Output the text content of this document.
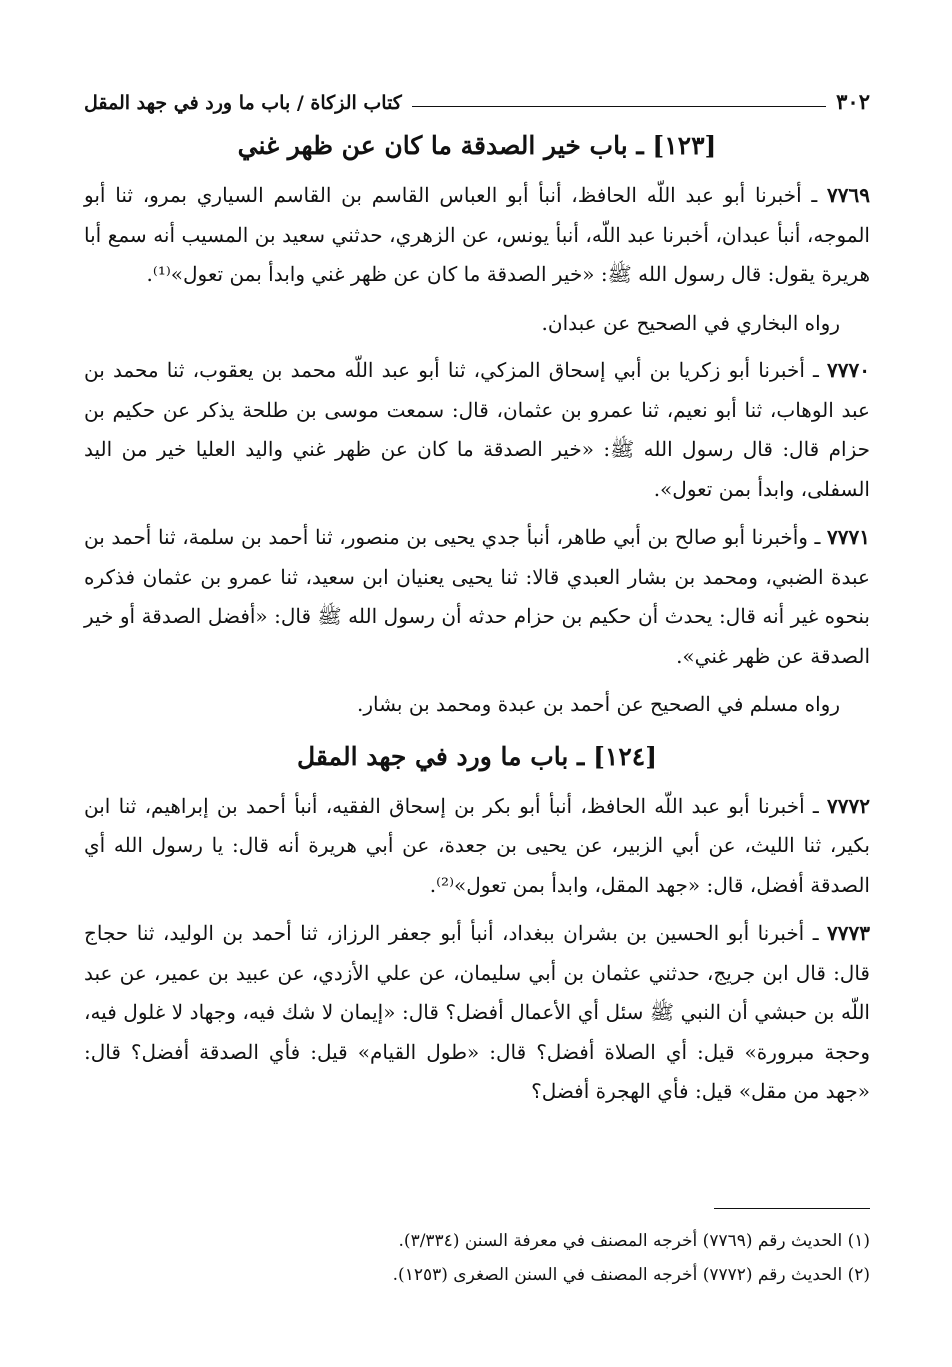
٣٠٢
كتاب الزكاة / باب ما ورد في جهد المقل
[١٢٣] ـ باب خير الصدقة ما كان عن ظهر غني

٧٧٦٩ ـ أخبرنا أبو عبد اللّه الحافظ، أنبأ أبو العباس القاسم بن القاسم السياري بمرو، ثنا أبو الموجه، أنبأ عبدان، أخبرنا عبد اللّه، أنبأ يونس، عن الزهري، حدثني سعيد بن المسيب أنه سمع أبا هريرة يقول: قال رسول الله ﷺ: «خير الصدقة ما كان عن ظهر غني وابدأ بمن تعول»⁽¹⁾.

رواه البخاري في الصحيح عن عبدان.

٧٧٧٠ ـ أخبرنا أبو زكريا بن أبي إسحاق المزكي، ثنا أبو عبد اللّه محمد بن يعقوب، ثنا محمد بن عبد الوهاب، ثنا أبو نعيم، ثنا عمرو بن عثمان، قال: سمعت موسى بن طلحة يذكر عن حكيم بن حزام قال: قال رسول الله ﷺ: «خير الصدقة ما كان عن ظهر غني واليد العليا خير من اليد السفلى، وابدأ بمن تعول».

٧٧٧١ ـ وأخبرنا أبو صالح بن أبي طاهر، أنبأ جدي يحيى بن منصور، ثنا أحمد بن سلمة، ثنا أحمد بن عبدة الضبي، ومحمد بن بشار العبدي قالا: ثنا يحيى يعنيان ابن سعيد، ثنا عمرو بن عثمان فذكره بنحوه غير أنه قال: يحدث أن حكيم بن حزام حدثه أن رسول الله ﷺ قال: «أفضل الصدقة أو خير الصدقة عن ظهر غني».

رواه مسلم في الصحيح عن أحمد بن عبدة ومحمد بن بشار.

[١٢٤] ـ باب ما ورد في جهد المقل

٧٧٧٢ ـ أخبرنا أبو عبد اللّه الحافظ، أنبأ أبو بكر بن إسحاق الفقيه، أنبأ أحمد بن إبراهيم، ثنا ابن بكير، ثنا الليث، عن أبي الزبير، عن يحيى بن جعدة، عن أبي هريرة أنه قال: يا رسول الله أي الصدقة أفضل، قال: «جهد المقل، وابدأ بمن تعول»⁽²⁾.

٧٧٧٣ ـ أخبرنا أبو الحسين بن بشران ببغداد، أنبأ أبو جعفر الرزاز، ثنا أحمد بن الوليد، ثنا حجاج قال: قال ابن جريج، حدثني عثمان بن أبي سليمان، عن علي الأزدي، عن عبيد بن عمير، عن عبد اللّه بن حبشي أن النبي ﷺ سئل أي الأعمال أفضل؟ قال: «إيمان لا شك فيه، وجهاد لا غلول فيه، وحجة مبرورة» قيل: أي الصلاة أفضل؟ قال: «طول القيام» قيل: فأي الصدقة أفضل؟ قال: «جهد من مقل» قيل: فأي الهجرة أفضل؟

(١) الحديث رقم (٧٧٦٩) أخرجه المصنف في معرفة السنن (٣/٣٣٤).
(٢) الحديث رقم (٧٧٧٢) أخرجه المصنف في السنن الصغرى (١٢٥٣).
